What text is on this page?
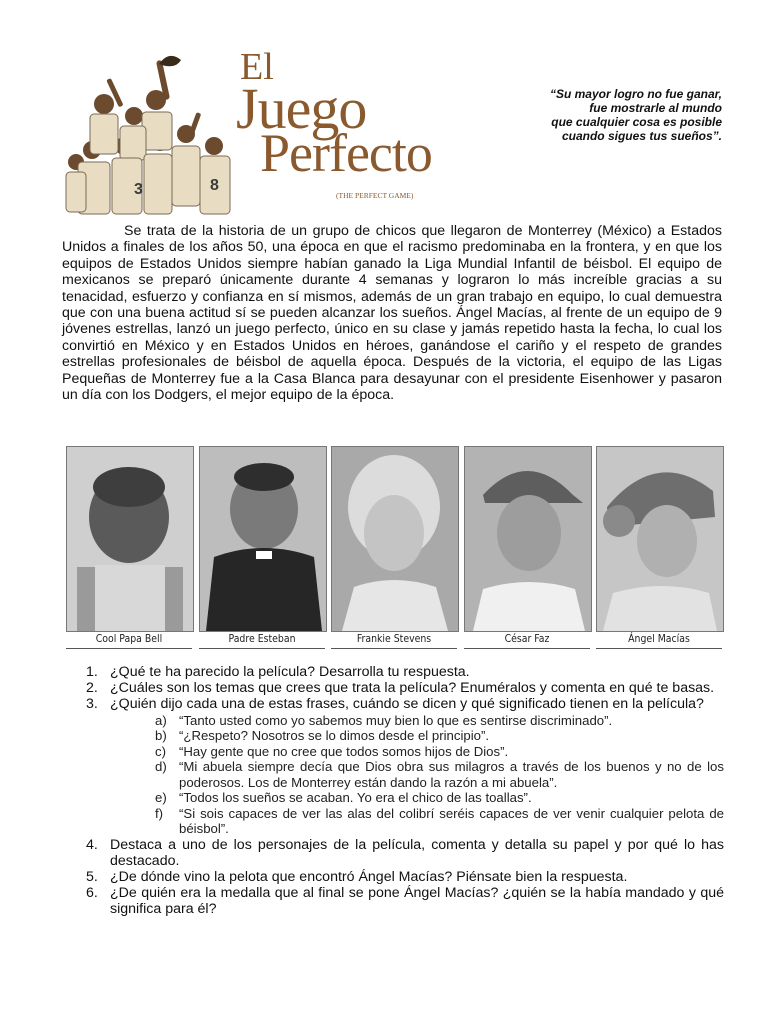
3	8
El
Juego
Perfecto
(THE PERFECT GAME)
“Su mayor logro no fue ganar,
fue mostrarle al mundo
que cualquier cosa es posible
cuando sigues tus sueños”.

Se trata de la historia de un grupo de chicos que llegaron de Monterrey (México) a Estados Unidos a finales de los años 50, una época en que el racismo predominaba en la frontera, y en que los equipos de Estados Unidos siempre habían ganado la Liga Mundial Infantil de béisbol. El equipo de mexicanos se preparó únicamente durante 4 semanas y lograron lo más increíble gracias a su tenacidad, esfuerzo y confianza en sí mismos, además de un gran trabajo en equipo, lo cual demuestra que con una buena actitud sí se pueden alcanzar los sueños. Ángel Macías, al frente de un equipo de 9 jóvenes estrellas, lanzó un juego perfecto, único en su clase y jamás repetido hasta la fecha, lo cual los convirtió en México y en Estados Unidos en héroes, ganándose el cariño y el respeto de grandes estrellas profesionales de béisbol de aquella época. Después de la victoria, el equipo de las Ligas Pequeñas de Monterrey fue a la Casa Blanca para desayunar con el presidente Eisenhower y pasaron un día con los Dodgers, el mejor equipo de la época.

Cool Papa Bell	Padre Esteban	Frankie Stevens	César Faz	Ángel Macías
1. ¿Qué te ha parecido la película? Desarrolla tu respuesta.
2. ¿Cuáles son los temas que crees que trata la película? Enuméralos y comenta en qué te basas.
3. ¿Quién dijo cada una de estas frases, cuándo se dicen y qué significado tienen en la película?
a) “Tanto usted como yo sabemos muy bien lo que es sentirse discriminado”.
b) “¿Respeto? Nosotros se lo dimos desde el principio”.
c) “Hay gente que no cree que todos somos hijos de Dios”.
d) “Mi abuela siempre decía que Dios obra sus milagros a través de los buenos y no de los poderosos. Los de Monterrey están dando la razón a mi abuela”.
e) “Todos los sueños se acaban. Yo era el chico de las toallas”.
f) “Si sois capaces de ver las alas del colibrí seréis capaces de ver venir cualquier pelota de béisbol”.
4. Destaca a uno de los personajes de la película, comenta y detalla su papel y por qué lo has destacado.
5. ¿De dónde vino la pelota que encontró Ángel Macías? Piénsate bien la respuesta.
6. ¿De quién era la medalla que al final se pone Ángel Macías? ¿quién se la había mandado y qué significa para él?
